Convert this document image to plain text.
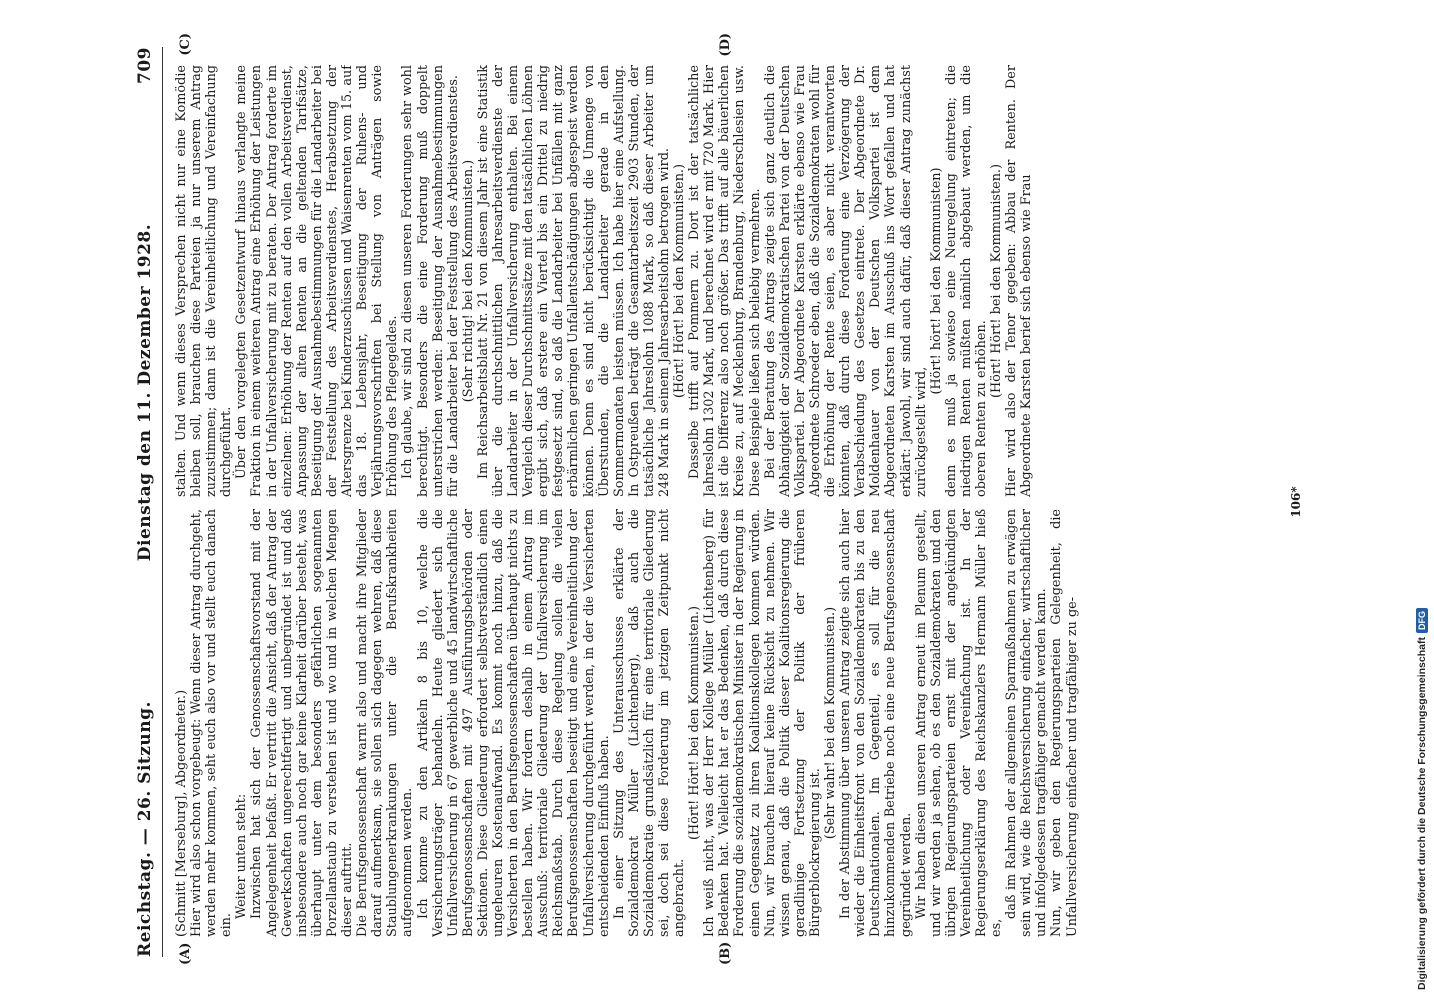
Reichstag. — 26. Sitzung.
Dienstag den 11. Dezember 1928.
709
(A)	(B)
(C)	(D)

(Schmitt [Merseburg], Abgeordneter.) Hier wird also schon vorgebeugt: Wenn dieser Antrag durchgeht, werden mehr kommen, seht euch also vor und stellt euch danach ein.

Weiter unten steht: Inzwischen hat sich der Genossenschaftsvorstand mit der Angelegenheit befaßt. Er vertritt die Ansicht, daß der Antrag der Gewerkschaften ungerechtfertigt und unbegründet ist und daß insbesondere auch noch gar keine Klarheit darüber besteht, was überhaupt unter dem besonders gefährlichen sogenannten Porzellanstaub zu verstehen ist und wo und in welchen Mengen dieser auftritt. Die Berufsgenossenschaft warnt also und macht ihre Mitglieder darauf aufmerksam, sie sollen sich dagegen wehren, daß diese Staublungenerkrankungen unter die Berufskrankheiten aufgenommen werden. Ich komme zu den Artikeln 8 bis 10, welche die Versicherungsträger behandeln. Heute gliedert sich die Unfallversicherung in 67 gewerbliche und 45 landwirtschaftliche Berufsgenossenschaften mit 497 Ausführungsbehörden oder Sektionen. Diese Gliederung erfordert selbstverständlich einen ungeheuren Kostenaufwand. Es kommt noch hinzu, daß die Versicherten in den Berufsgenossenschaften überhaupt nichts zu bestellen haben. Wir fordern deshalb in einem Antrag im Ausschuß: territoriale Gliederung der Unfallversicherung im Reichsmaßstab. Durch diese Regelung sollen die vielen Berufsgenossenschaften beseitigt und eine Vereinheitlichung der Unfallversicherung durchgeführt werden, in der die Versicherten entscheidenden Einfluß haben. In einer Sitzung des Unterausschusses erklärte der Sozialdemokrat Müller (Lichtenberg), daß auch die Sozialdemokratie grundsätzlich für eine territoriale Gliederung sei, doch sei diese Forderung im jetzigen Zeitpunkt nicht angebracht.

(Hört! Hört! bei den Kommunisten.) Ich weiß nicht, was der Herr Kollege Müller (Lichtenberg) für Bedenken hat. Vielleicht hat er das Bedenken, daß durch diese Forderung die sozialdemokratischen Minister in der Regierung in einen Gegensatz zu ihren Koalitionskollegen kommen würden. Nun, wir brauchen hierauf keine Rücksicht zu nehmen. Wir wissen genau, daß die Politik dieser Koalitionsregierung die geradlinige Fortsetzung der Politik der früheren Bürgerblockregierung ist.

(Sehr wahr! bei den Kommunisten.) In der Abstimmung über unseren Antrag zeigte sich auch hier wieder die Einheitsfront von den Sozialdemokraten bis zu den Deutschnationalen. Im Gegenteil, es soll für die neu hinzukommenden Betriebe noch eine neue Berufsgenossenschaft gegründet werden. Wir haben diesen unseren Antrag erneut im Plenum gestellt, und wir werden ja sehen, ob es den Sozialdemokraten und den übrigen Regierungsparteien ernst mit der angekündigten Vereinheitlichung oder Vereinfachung ist. In der Regierungserklärung des Reichskanzlers Hermann Müller hieß es,

daß im Rahmen der allgemeinen Sparmaßnahmen zu erwägen sein wird, wie die Reichsversicherung einfacher, wirtschaftlicher und infolgedessen tragfähiger gemacht werden kann. Nun, wir geben den Regierungsparteien Gelegenheit, die Unfallversicherung einfacher und tragfähiger zu ge-

stalten. Und wenn dieses Versprechen nicht nur eine Komödie bleiben soll, brauchen diese Parteien ja nur unserem Antrag zuzustimmen; dann ist die Vereinheitlichung und Vereinfachung durchgeführt. Über den vorgelegten Gesetzentwurf hinaus verlangte meine Fraktion in einem weiteren Antrag eine Erhöhung der Leistungen in der Unfallversicherung mit zu beraten. Der Antrag forderte im einzelnen: Erhöhung der Renten auf den vollen Arbeitsverdienst, Anpassung der alten Renten an die geltenden Tarifsätze, Beseitigung der Ausnahmebestimmungen für die Landarbeiter bei der Feststellung des Arbeitsverdienstes, Herabsetzung der Altersgrenze bei Kinderzuschüssen und Waisenrenten vom 15. auf das 18. Lebensjahr, Beseitigung der Ruhens- und Verjährungsvorschriften bei Stellung von Anträgen sowie Erhöhung des Pflegegeldes. Ich glaube, wir sind zu diesen unseren Forderungen sehr wohl berechtigt. Besonders die eine Forderung muß doppelt unterstrichen werden: Beseitigung der Ausnahmebestimmungen für die Landarbeiter bei der Feststellung des Arbeitsverdienstes. (Sehr richtig! bei den Kommunisten.) Im Reichsarbeitsblatt Nr. 21 von diesem Jahr ist eine Statistik über die durchschnittlichen Jahresarbeitsverdienste der Landarbeiter in der Unfallversicherung enthalten. Bei einem Vergleich dieser Durchschnittssätze mit den tatsächlichen Löhnen ergibt sich, daß erstere ein Viertel bis ein Drittel zu niedrig festgesetzt sind, so daß die Landarbeiter bei Unfällen mit ganz erbärmlichen geringen Unfallentschädigungen abgespeist werden können. Denn es sind nicht berücksichtigt die Unmenge von Überstunden, die die Landarbeiter gerade in den Sommermonaten leisten müssen. Ich habe hier eine Aufstellung. In Ostpreußen beträgt die Gesamtarbeitszeit 2903 Stunden, der tatsächliche Jahreslohn 1088 Mark, so daß dieser Arbeiter um 248 Mark in seinem Jahresarbeitslohn betrogen wird. (Hört! Hört! bei den Kommunisten.) Dasselbe trifft auf Pommern zu. Dort ist der tatsächliche Jahreslohn 1302 Mark, und berechnet wird er mit 720 Mark. Hier ist die Differenz also noch größer. Das trifft auf alle bäuerlichen Kreise zu, auf Mecklenburg, Brandenburg, Niederschlesien usw. Diese Beispiele ließen sich beliebig vermehren. Bei der Beratung des Antrags zeigte sich ganz deutlich die Abhängigkeit der Sozialdemokratischen Partei von der Deutschen Volkspartei. Der Abgeordnete Karsten erklärte ebenso wie Frau Abgeordnete Schroeder eben, daß die Sozialdemokraten wohl für die Erhöhung der Rente seien, es aber nicht verantworten könnten, daß durch diese Forderung eine Verzögerung der Verabschiedung des Gesetzes eintrete. Der Abgeordnete Dr. Moldenhauer von der Deutschen Volkspartei ist dem Abgeordneten Karsten im Ausschuß ins Wort gefallen und hat erklärt: Jawohl, wir sind auch dafür, daß dieser Antrag zunächst zurückgestellt wird,

(Hört! hört! bei den Kommunisten) denn es muß ja sowieso eine Neuregelung eintreten; die niedrigen Renten müßten nämlich abgebaut werden, um die oberen Renten zu erhöhen.

(Hört! Hört! bei den Kommunisten.) Hier wird also der Tenor gegeben: Abbau der Renten. Der Abgeordnete Karsten berief sich ebenso wie Frau

106*
Digitalisierung gefördert durch die Deutsche Forschungsgemeinschaft
DFG
